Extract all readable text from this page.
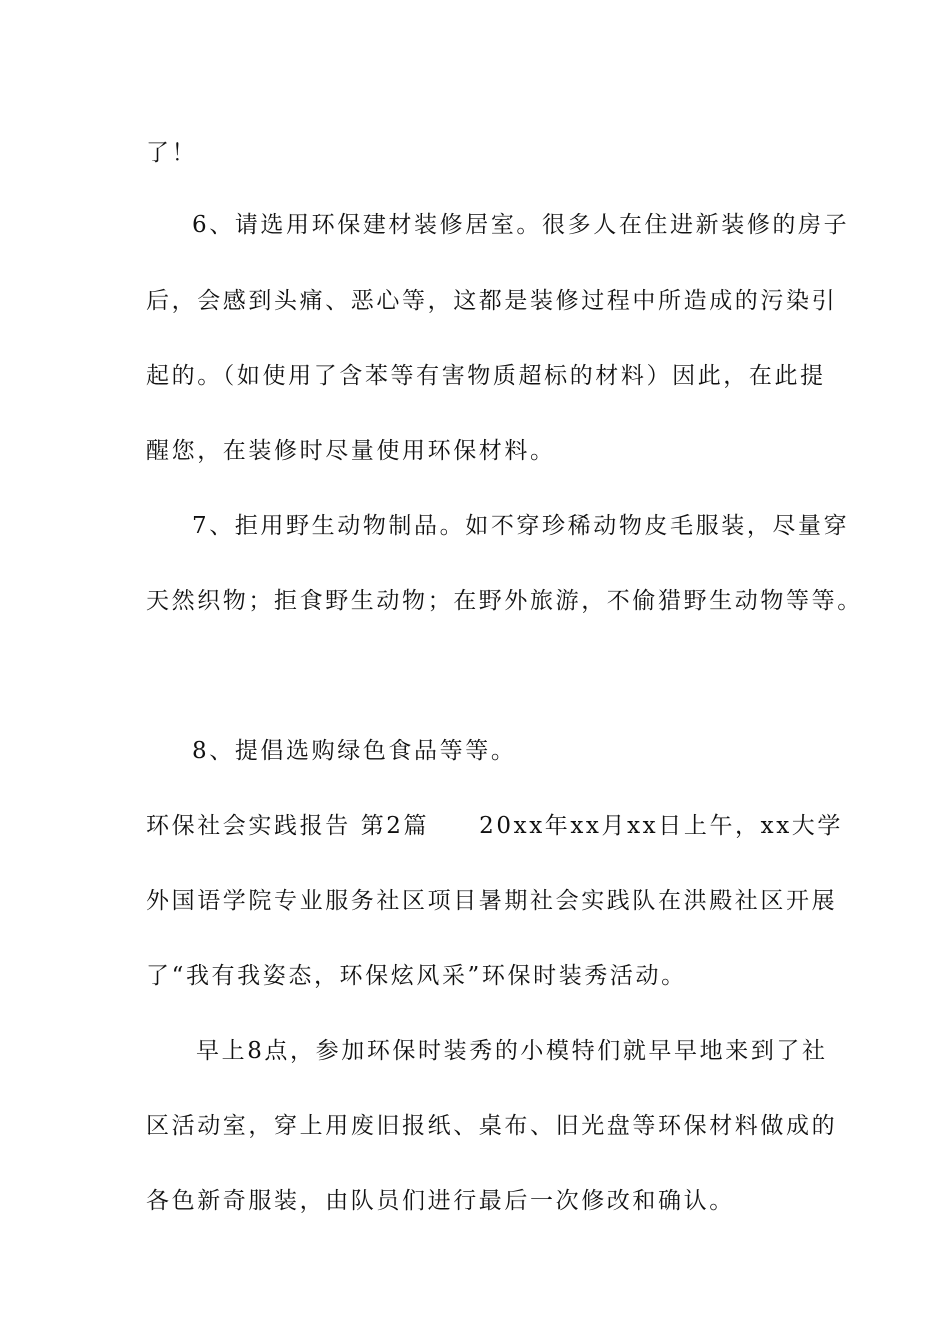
了！
6、请选用环保建材装修居室。很多人在住进新装修的房子
后，会感到头痛、恶心等，这都是装修过程中所造成的污染引
起的。（如使用了含苯等有害物质超标的材料）因此，在此提
醒您，在装修时尽量使用环保材料。
7、拒用野生动物制品。如不穿珍稀动物皮毛服装，尽量穿
天然织物；拒食野生动物；在野外旅游，不偷猎野生动物等等。
8、提倡选购绿色食品等等。
环保社会实践报告 第2篇 20xx年xx月xx日上午，xx大学
外国语学院专业服务社区项目暑期社会实践队在洪殿社区开展
了“我有我姿态，环保炫风采”环保时装秀活动。
早上8点，参加环保时装秀的小模特们就早早地来到了社
区活动室，穿上用废旧报纸、桌布、旧光盘等环保材料做成的
各色新奇服装，由队员们进行最后一次修改和确认。
